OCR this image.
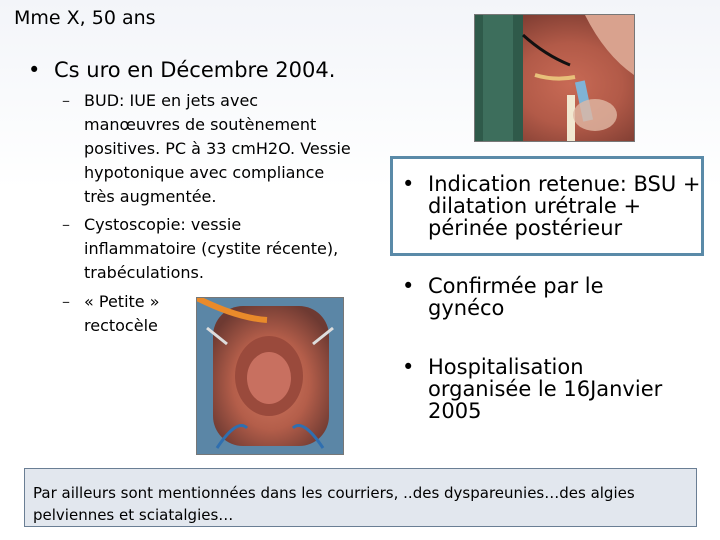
Mme X, 50 ans
• Cs uro en Décembre 2004.
– BUD: IUE en jets avec manœuvres de soutènement positives. PC à 33 cmH2O. Vessie hypotonique avec compliance très augmentée.
– Cystoscopie: vessie inflammatoire (cystite récente), trabéculations.
– « Petite » rectocèle
• Indication retenue: BSU + dilatation urétrale + périnée postérieur
• Confirmée par le gynéco
• Hospitalisation organisée le 16Janvier 2005
Par ailleurs sont mentionnées dans les courriers, ..des dyspareunies…des algies pelviennes et sciatalgies…
